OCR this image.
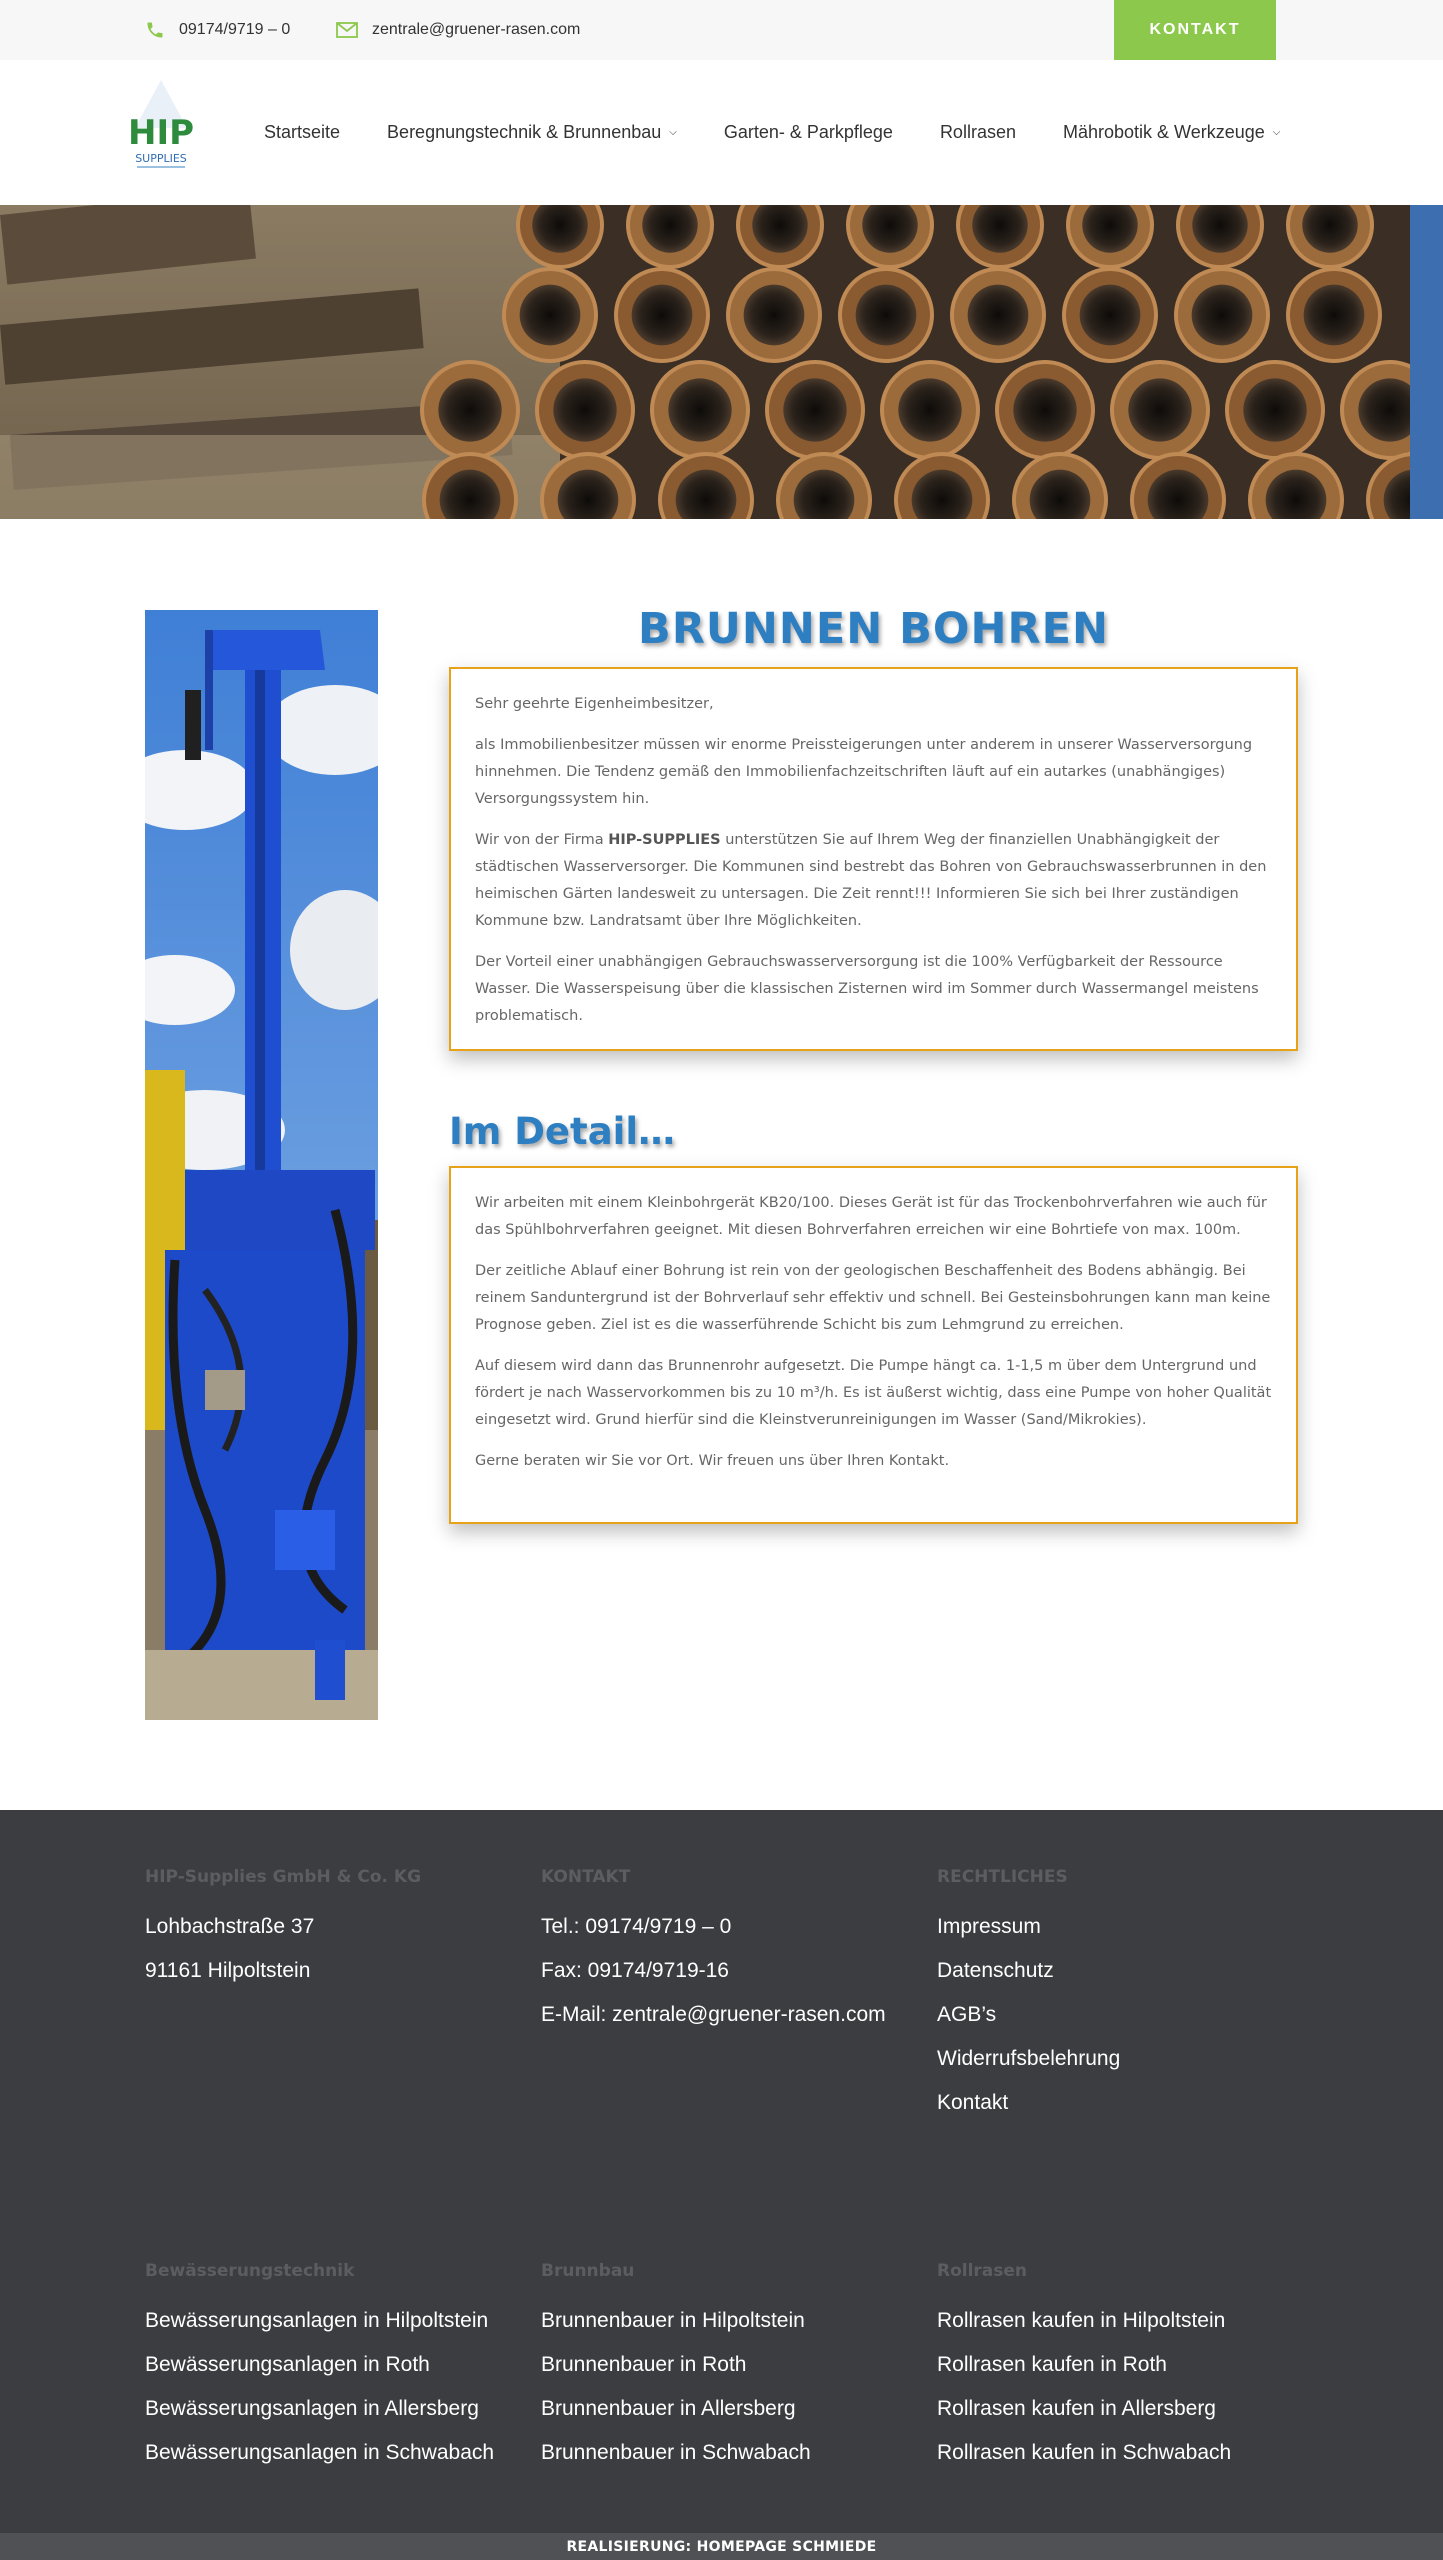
09174/9719 – 0	zentrale@gruener-rasen.com	KONTAKT
HIP
SUPPLIES
Startseite	Beregnungstechnik & Brunnenbau ⌵	Garten- & Parkpflege	Rollrasen	Mährobotik & Werkzeuge ⌵
BRUNNEN BOHREN

Sehr geehrte Eigenheimbesitzer,

als Immobilienbesitzer müssen wir enorme Preissteigerungen unter anderem in unserer Wasserversorgung hinnehmen. Die Tendenz gemäß den Immobilienfachzeitschriften läuft auf ein autarkes (unabhängiges) Versorgungssystem hin.

Wir von der Firma HIP-SUPPLIES unterstützen Sie auf Ihrem Weg der finanziellen Unabhängigkeit der städtischen Wasserversorger. Die Kommunen sind bestrebt das Bohren von Gebrauchswasserbrunnen in den heimischen Gärten landesweit zu untersagen. Die Zeit rennt!!! Informieren Sie sich bei Ihrer zuständigen Kommune bzw. Landratsamt über Ihre Möglichkeiten.

Der Vorteil einer unabhängigen Gebrauchswasserversorgung ist die 100% Verfügbarkeit der Ressource Wasser. Die Wasserspeisung über die klassischen Zisternen wird im Sommer durch Wassermangel meistens problematisch.

Im Detail…

Wir arbeiten mit einem Kleinbohrgerät KB20/100. Dieses Gerät ist für das Trockenbohrverfahren wie auch für das Spühlbohrverfahren geeignet. Mit diesen Bohrverfahren erreichen wir eine Bohrtiefe von max. 100m.

Der zeitliche Ablauf einer Bohrung ist rein von der geologischen Beschaffenheit des Bodens abhängig. Bei reinem Sanduntergrund ist der Bohrverlauf sehr effektiv und schnell. Bei Gesteinsbohrungen kann man keine Prognose geben. Ziel ist es die wasserführende Schicht bis zum Lehmgrund zu erreichen.

Auf diesem wird dann das Brunnenrohr aufgesetzt. Die Pumpe hängt ca. 1-1,5 m über dem Untergrund und fördert je nach Wasservorkommen bis zu 10 m³/h. Es ist äußerst wichtig, dass eine Pumpe von hoher Qualität eingesetzt wird. Grund hierfür sind die Kleinstverunreinigungen im Wasser (Sand/Mikrokies).

Gerne beraten wir Sie vor Ort. Wir freuen uns über Ihren Kontakt.

HIP-Supplies GmbH & Co. KG
Lohbachstraße 37
91161 Hilpoltstein
KONTAKT
Tel.: 09174/9719 – 0
Fax: 09174/9719-16
E-Mail: zentrale@gruener-rasen.com
RECHTLICHES
Impressum
Datenschutz
AGB’s
Widerrufsbelehrung
Kontakt
Bewässerungstechnik
Bewässerungsanlagen in Hilpoltstein
Bewässerungsanlagen in Roth
Bewässerungsanlagen in Allersberg
Bewässerungsanlagen in Schwabach
Brunnbau
Brunnenbauer in Hilpoltstein
Brunnenbauer in Roth
Brunnenbauer in Allersberg
Brunnenbauer in Schwabach
Rollrasen
Rollrasen kaufen in Hilpoltstein
Rollrasen kaufen in Roth
Rollrasen kaufen in Allersberg
Rollrasen kaufen in Schwabach
REALISIERUNG: HOMEPAGE SCHMIEDE
